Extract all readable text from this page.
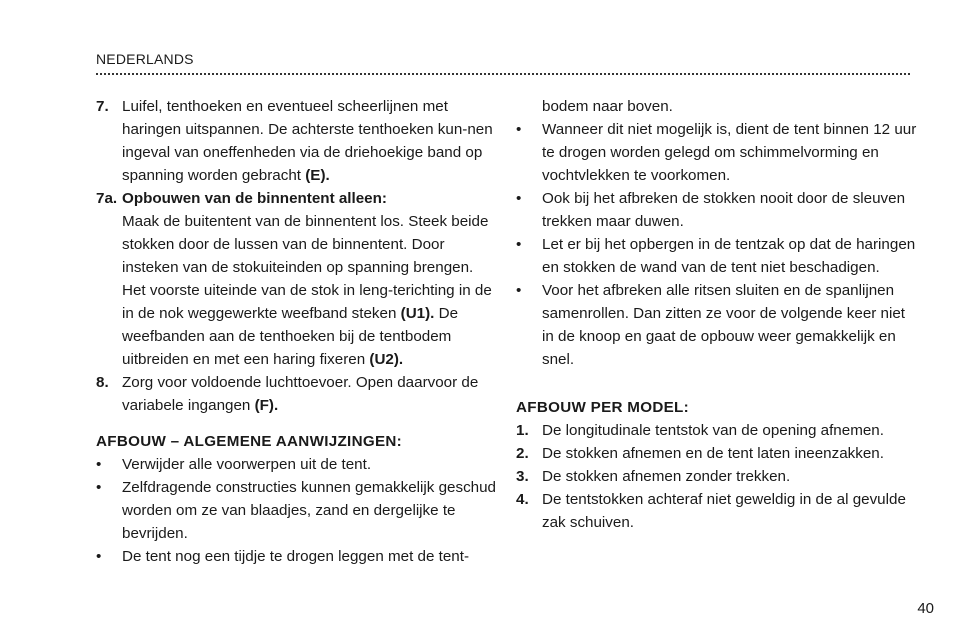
NEDERLANDS
7. Luifel, tenthoeken en eventueel scheerlijnen met haringen uitspannen. De achterste tenthoeken kun-nen ingeval van oneffenheden via de driehoekige band op spanning worden gebracht (E).
7a. Opbouwen van de binnentent alleen:
Maak de buitentent van de binnentent los. Steek beide stokken door de lussen van de binnentent. Door insteken van de stokuiteinden op spanning brengen. Het voorste uiteinde van de stok in leng-terichting in de in de nok weggewerkte weefband steken (U1). De weefbanden aan de tenthoeken bij de tentbodem uitbreiden en met een haring fixeren (U2).
8. Zorg voor voldoende luchttoevoer. Open daarvoor de variabele ingangen (F).
AFBOUW – ALGEMENE AANWIJZINGEN:
• Verwijder alle voorwerpen uit de tent.
• Zelfdragende constructies kunnen gemakkelijk geschud worden om ze van blaadjes, zand en dergelijke te bevrijden.
• De tent nog een tijdje te drogen leggen met de tent-
bodem naar boven.
• Wanneer dit niet mogelijk is, dient de tent binnen 12 uur te drogen worden gelegd om schimmelvorming en vochtvlekken te voorkomen.
• Ook bij het afbreken de stokken nooit door de sleuven trekken maar duwen.
• Let er bij het opbergen in de tentzak op dat de haringen en stokken de wand van de tent niet beschadigen.
• Voor het afbreken alle ritsen sluiten en de spanlijnen samenrollen. Dan zitten ze voor de volgende keer niet in de knoop en gaat de opbouw weer gemakkelijk en snel.
AFBOUW PER MODEL:
1. De longitudinale tentstok van de opening afnemen.
2. De stokken afnemen en de tent laten ineenzakken.
3. De stokken afnemen zonder trekken.
4. De tentstokken achteraf niet geweldig in de al gevulde zak schuiven.
40
